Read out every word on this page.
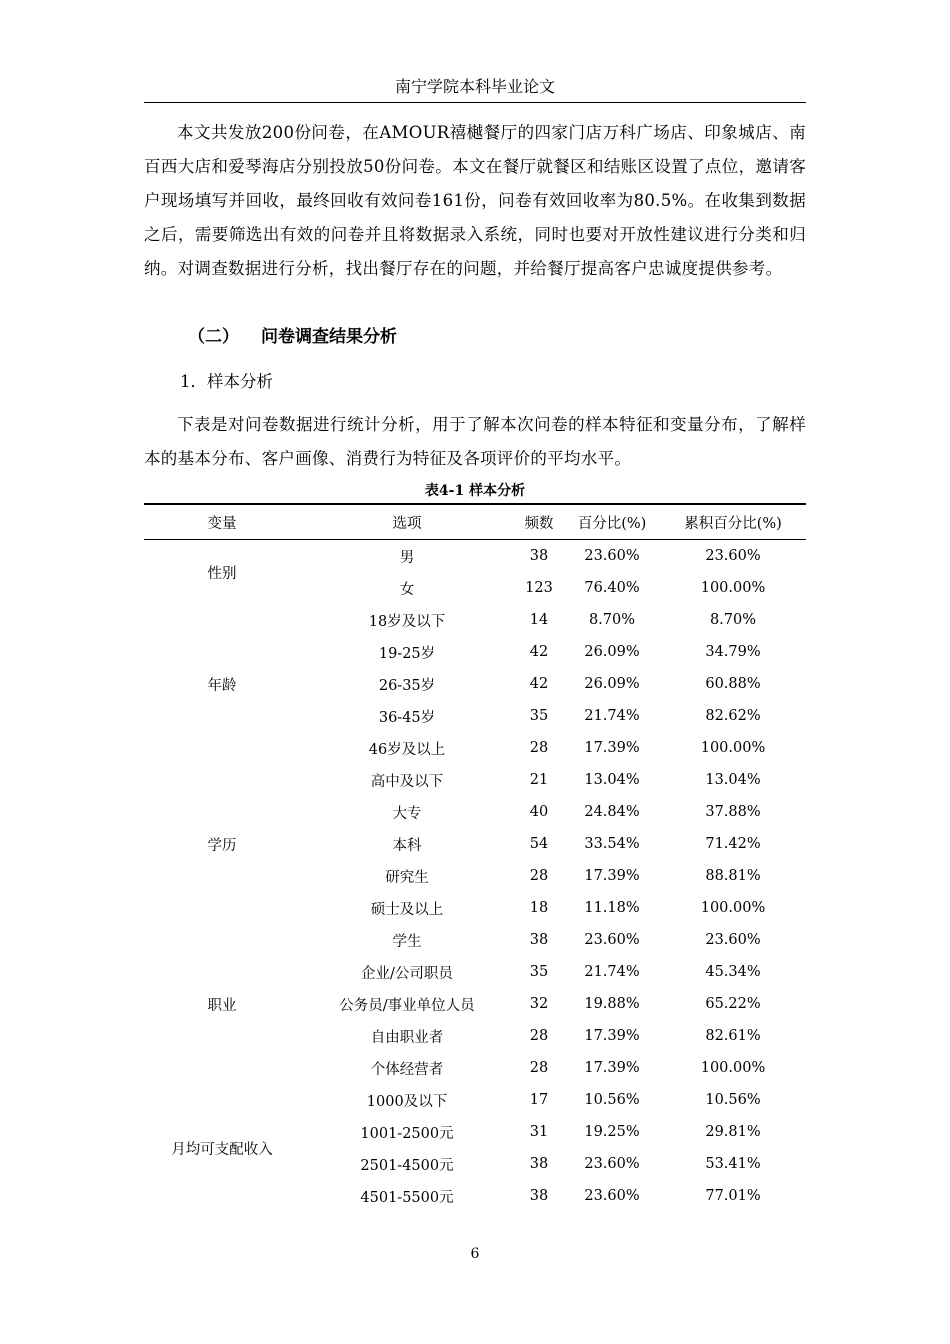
南宁学院本科毕业论文
本文共发放200份问卷，在AMOUR禧樾餐厅的四家门店万科广场店、印象城店、南百西大店和爱琴海店分别投放50份问卷。本文在餐厅就餐区和结账区设置了点位，邀请客户现场填写并回收，最终回收有效问卷161份，问卷有效回收率为80.5%。在收集到数据之后，需要筛选出有效的问卷并且将数据录入系统，同时也要对开放性建议进行分类和归纳。对调查数据进行分析，找出餐厅存在的问题，并给餐厅提高客户忠诚度提供参考。
（二） 问卷调查结果分析
1．样本分析
下表是对问卷数据进行统计分析，用于了解本次问卷的样本特征和变量分布，了解样本的基本分布、客户画像、消费行为特征及各项评价的平均水平。
表4-1 样本分析
变量	选项	频数	百分比(%)	累积百分比(%)
性别	男	38	23.60%	23.60%
	女	123	76.40%	100.00%
年龄	18岁及以下	14	8.70%	8.70%
	19-25岁	42	26.09%	34.79%
	26-35岁	42	26.09%	60.88%
	36-45岁	35	21.74%	82.62%
	46岁及以上	28	17.39%	100.00%
学历	高中及以下	21	13.04%	13.04%
	大专	40	24.84%	37.88%
	本科	54	33.54%	71.42%
	研究生	28	17.39%	88.81%
	硕士及以上	18	11.18%	100.00%
职业	学生	38	23.60%	23.60%
	企业/公司职员	35	21.74%	45.34%
	公务员/事业单位人员	32	19.88%	65.22%
	自由职业者	28	17.39%	82.61%
	个体经营者	28	17.39%	100.00%
月均可支配收入	1000及以下	17	10.56%	10.56%
	1001-2500元	31	19.25%	29.81%
	2501-4500元	38	23.60%	53.41%
	4501-5500元	38	23.60%	77.01%
6
